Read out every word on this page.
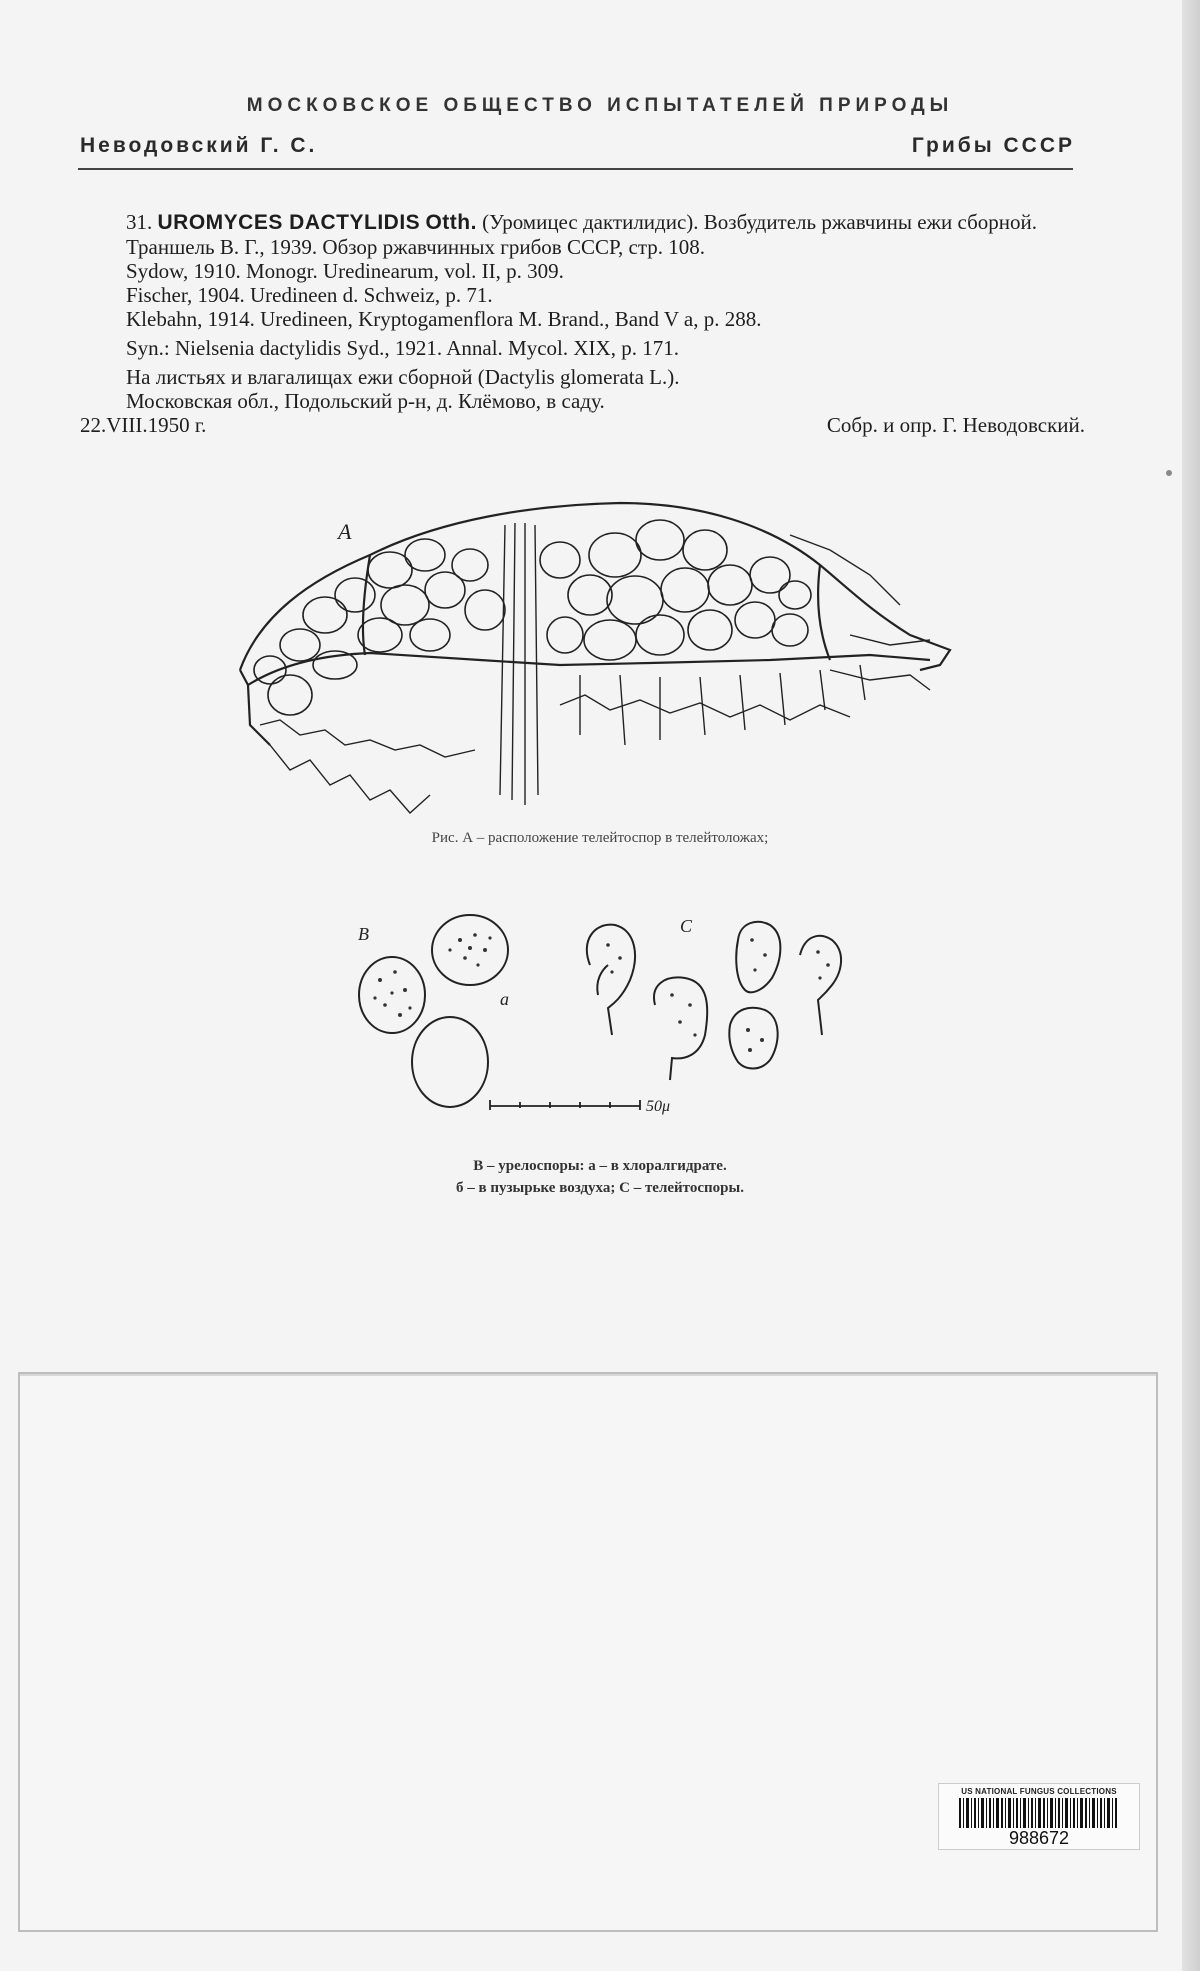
МОСКОВСКОЕ ОБЩЕСТВО ИСПЫТАТЕЛЕЙ ПРИРОДЫ
Неводовский Г. С.	Грибы СССР

31. UROMYCES DACTYLIDIS Otth. (Уромицес дактилидис). Возбудитель ржавчины ежи сборной.

Траншель В. Г., 1939. Обзор ржавчинных грибов СССР, стр. 108.

Sydow, 1910. Monogr. Uredinearum, vol. II, p. 309.

Fischer, 1904. Uredineen d. Schweiz, p. 71.

Klebahn, 1914. Uredineen, Kryptogamenflora M. Brand., Band V a, p. 288.

Syn.: Nielsenia dactylidis Syd., 1921. Annal. Mycol. XIX, p. 171.

На листьях и влагалищах ежи сборной (Dactylis glomerata L.).

Московская обл., Подольский р-н, д. Клёмово, в саду.

22.VIII.1950 г.	Собр. и опр. Г. Неводовский.
A
Рис. А – расположение телейтоспор в телейтоложах;
B
a
C
50μ

B – урелоспоры: a – в хлоралгидрате.

б – в пузырьке воздуха; C – телейтоспоры.

US NATIONAL FUNGUS COLLECTIONS
988672
